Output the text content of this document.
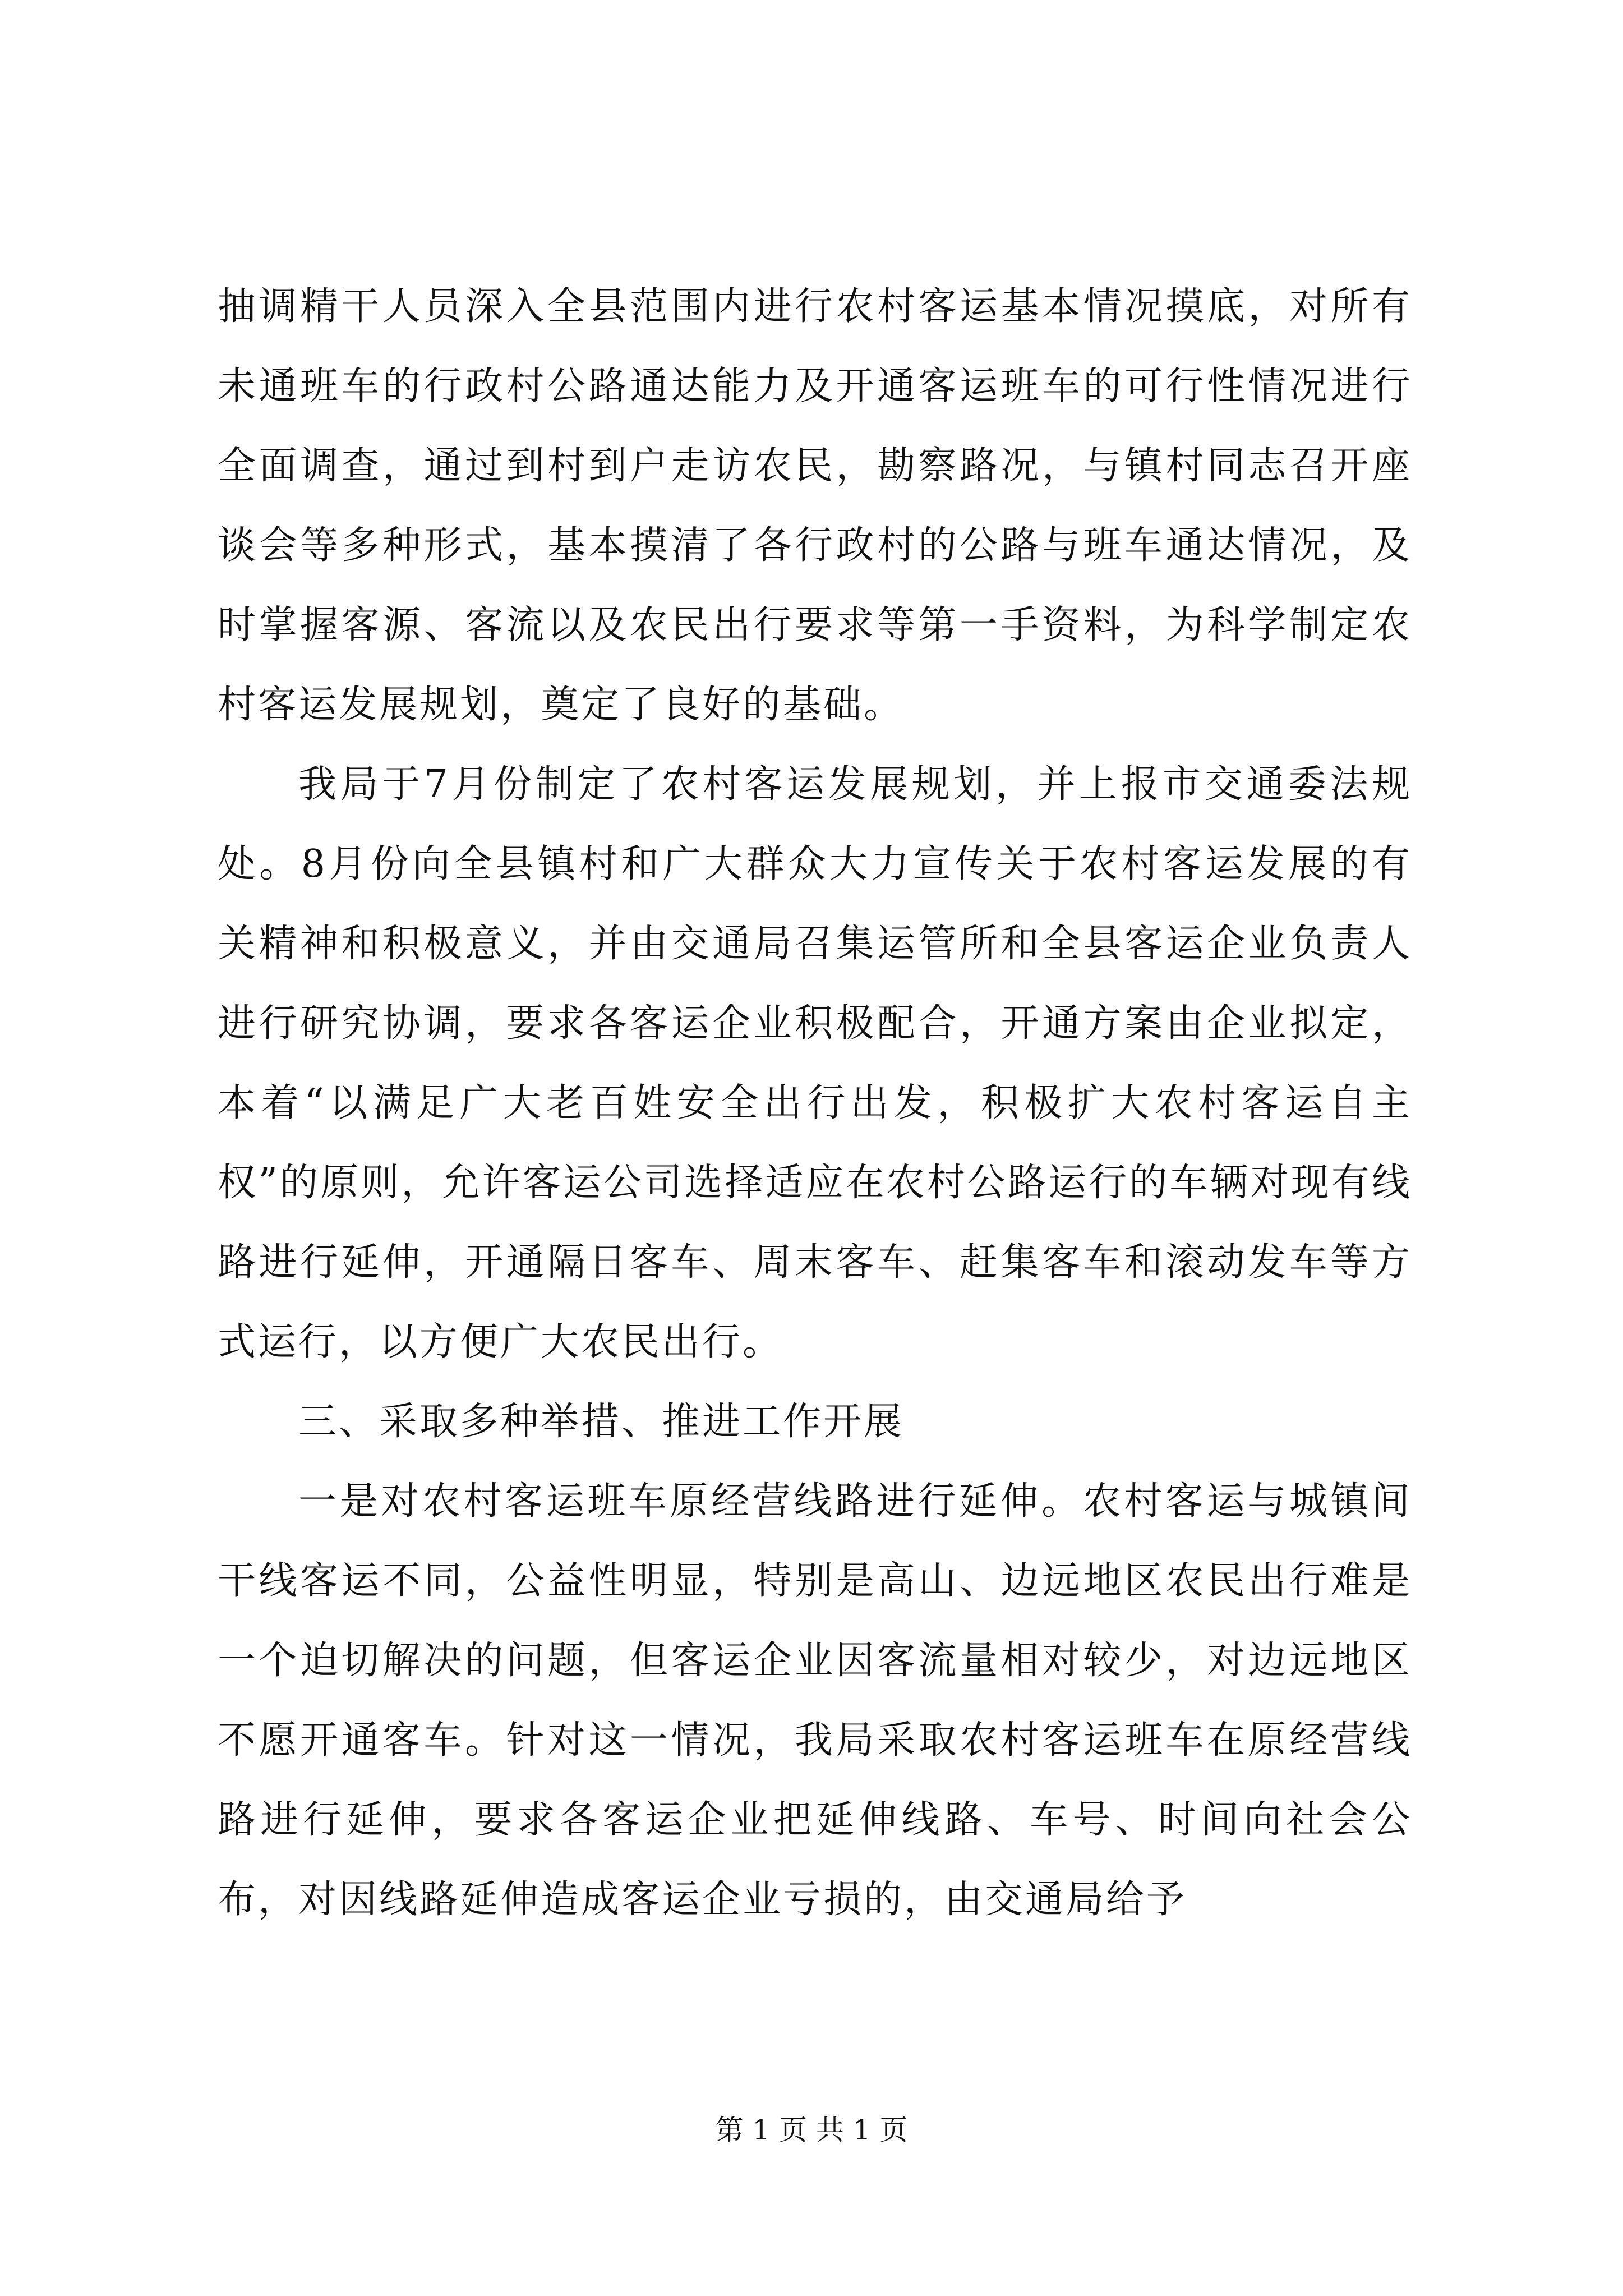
抽调精干人员深入全县范围内进行农村客运基本情况摸底，对所有未通班车的行政村公路通达能力及开通客运班车的可行性情况进行全面调查，通过到村到户走访农民，勘察路况，与镇村同志召开座谈会等多种形式，基本摸清了各行政村的公路与班车通达情况，及时掌握客源、客流以及农民出行要求等第一手资料，为科学制定农村客运发展规划，奠定了良好的基础。

我局于7月份制定了农村客运发展规划，并上报市交通委法规处。8月份向全县镇村和广大群众大力宣传关于农村客运发展的有关精神和积极意义，并由交通局召集运管所和全县客运企业负责人进行研究协调，要求各客运企业积极配合，开通方案由企业拟定，本着“以满足广大老百姓安全出行出发，积极扩大农村客运自主权”的原则，允许客运公司选择适应在农村公路运行的车辆对现有线路进行延伸，开通隔日客车、周末客车、赶集客车和滚动发车等方式运行，以方便广大农民出行。

三、采取多种举措、推进工作开展

一是对农村客运班车原经营线路进行延伸。农村客运与城镇间干线客运不同，公益性明显，特别是高山、边远地区农民出行难是一个迫切解决的问题，但客运企业因客流量相对较少，对边远地区不愿开通客车。针对这一情况，我局采取农村客运班车在原经营线路进行延伸，要求各客运企业把延伸线路、车号、时间向社会公布，对因线路延伸造成客运企业亏损的，由交通局给予

第 1 页 共 1 页
